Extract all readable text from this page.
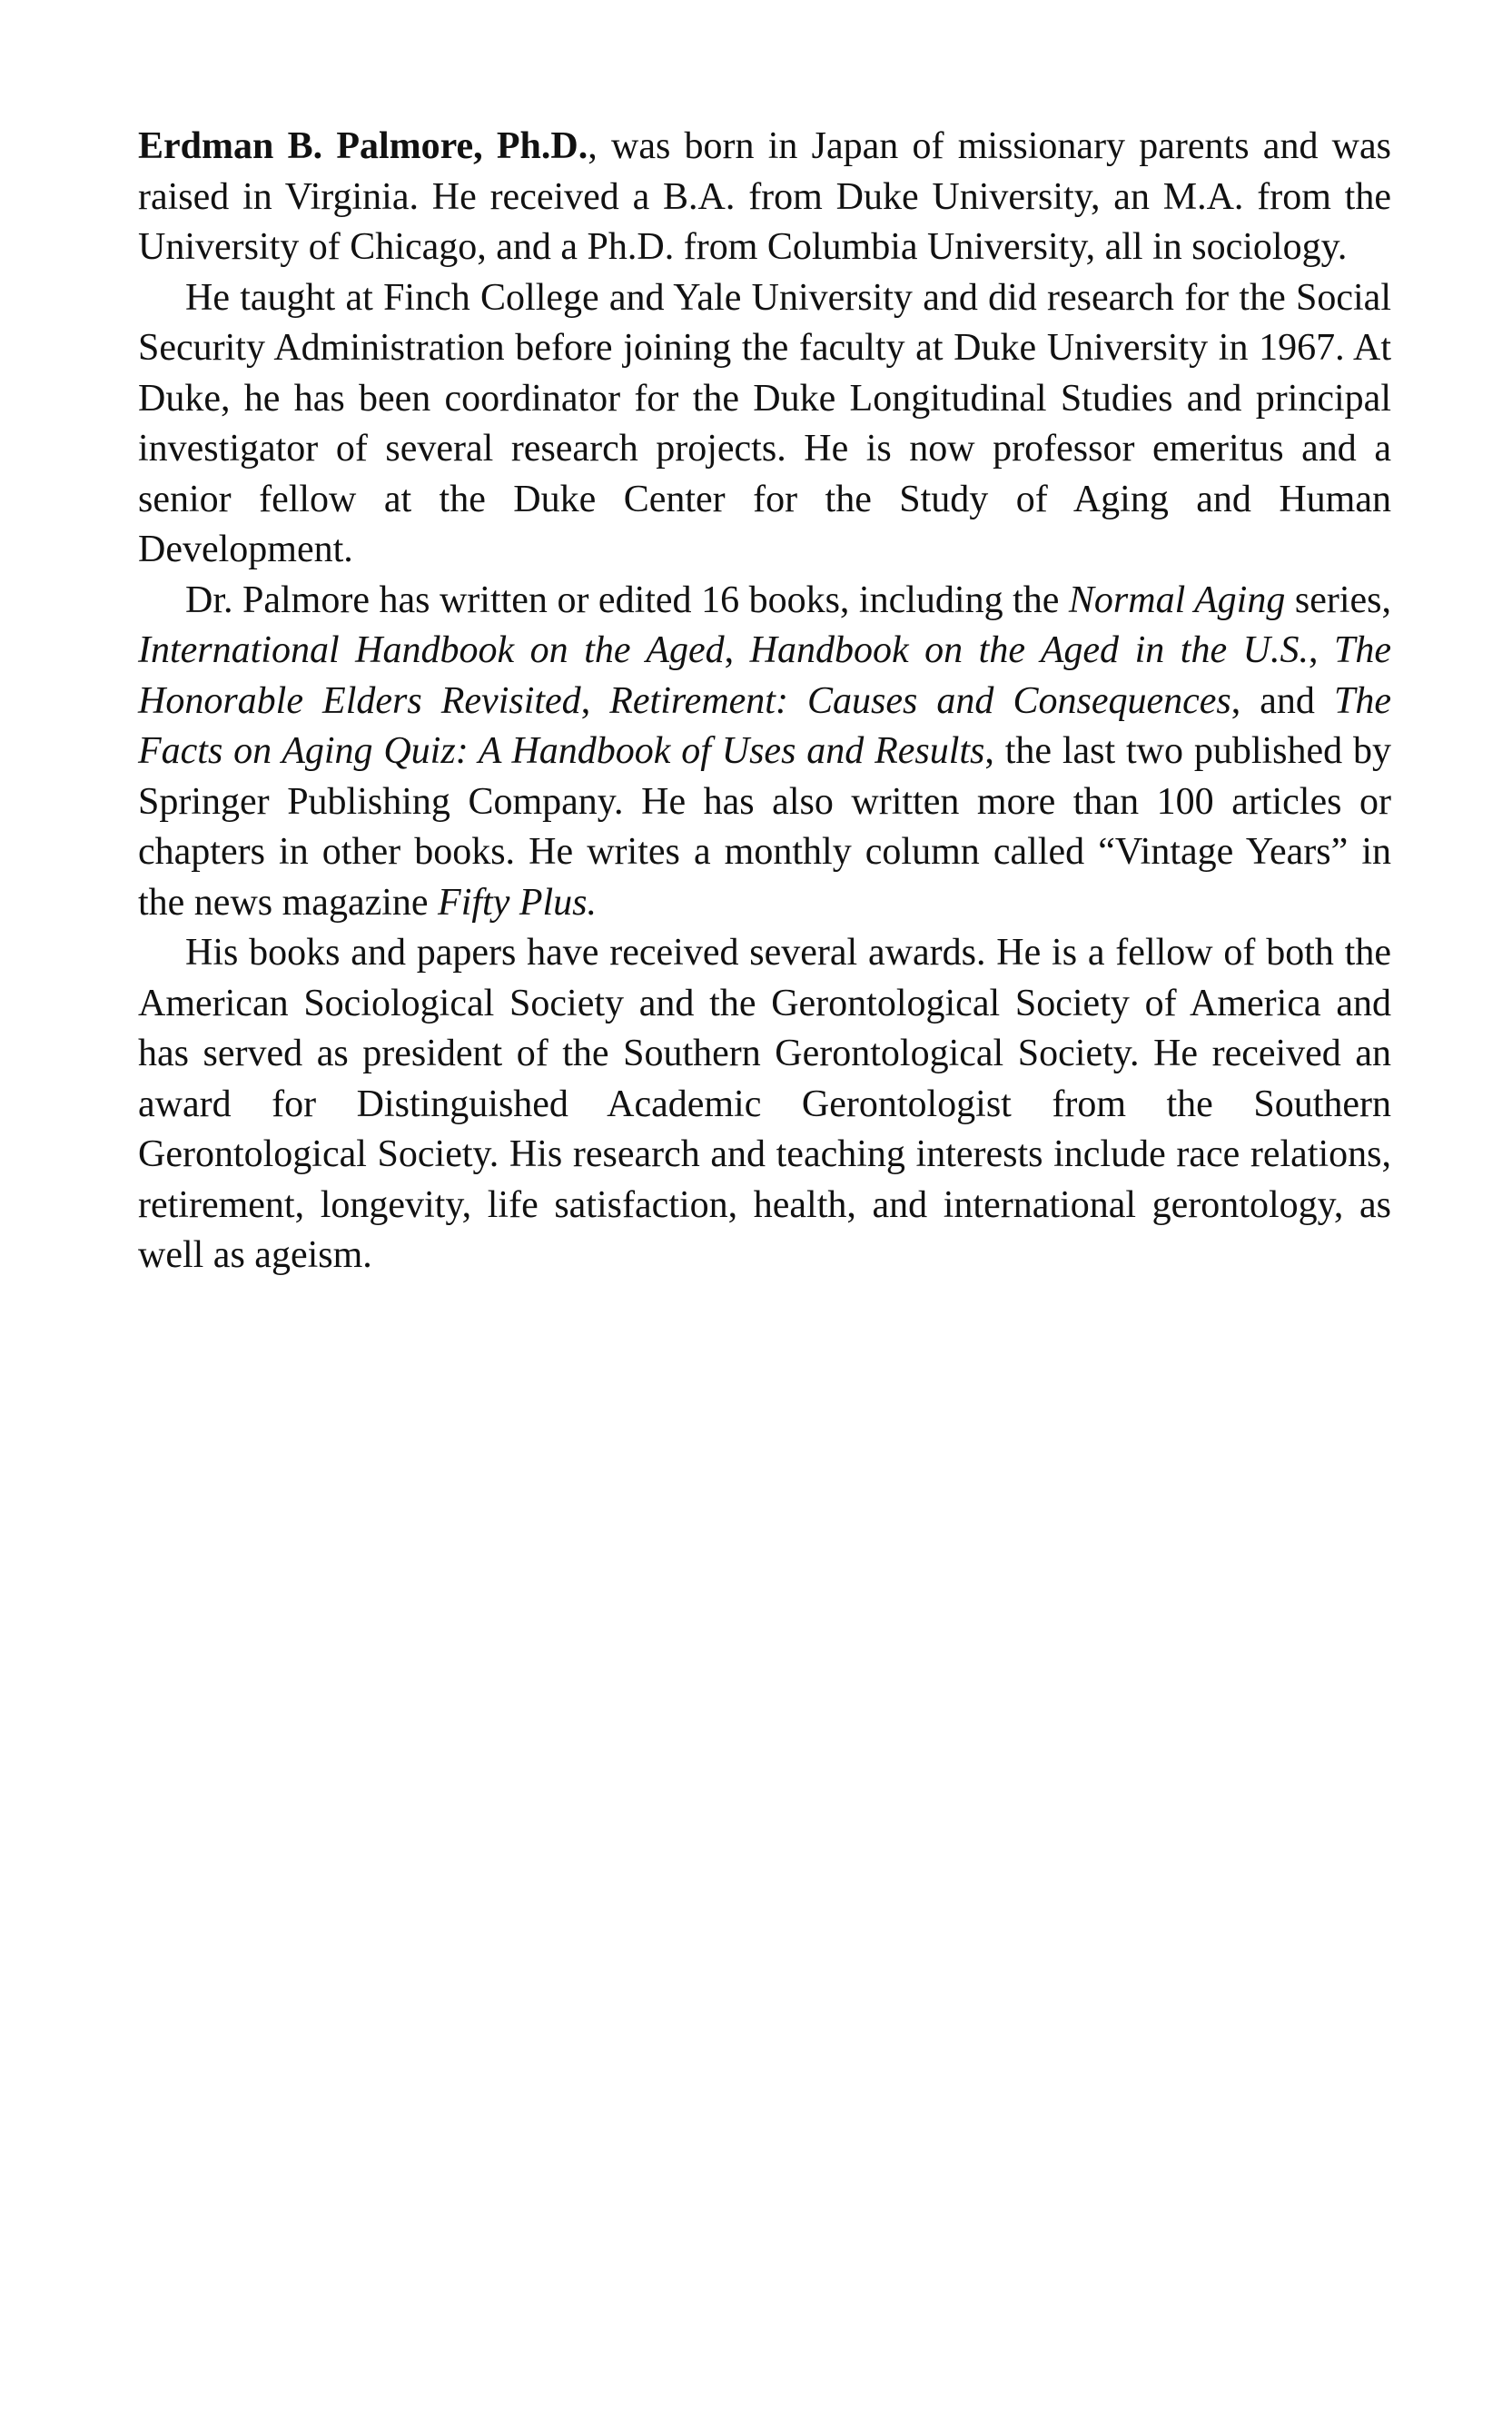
Erdman B. Palmore, Ph.D., was born in Japan of missionary parents and was raised in Virginia. He received a B.A. from Duke University, an M.A. from the University of Chicago, and a Ph.D. from Columbia University, all in sociology.

He taught at Finch College and Yale University and did research for the Social Security Administration before joining the faculty at Duke University in 1967. At Duke, he has been coordinator for the Duke Longitudinal Studies and principal investigator of several research projects. He is now professor emeritus and a senior fellow at the Duke Center for the Study of Aging and Human Development.

Dr. Palmore has written or edited 16 books, including the Normal Aging series, International Handbook on the Aged, Handbook on the Aged in the U.S., The Honorable Elders Revisited, Retirement: Causes and Consequences, and The Facts on Aging Quiz: A Handbook of Uses and Results, the last two published by Springer Publishing Company. He has also written more than 100 articles or chapters in other books. He writes a monthly column called “Vintage Years” in the news magazine Fifty Plus.

His books and papers have received several awards. He is a fellow of both the American Sociological Society and the Gerontological Society of America and has served as president of the Southern Gerontological Society. He received an award for Distinguished Academic Gerontologist from the Southern Gerontological Society. His research and teaching interests include race relations, retirement, longevity, life satisfaction, health, and international gerontology, as well as ageism.
